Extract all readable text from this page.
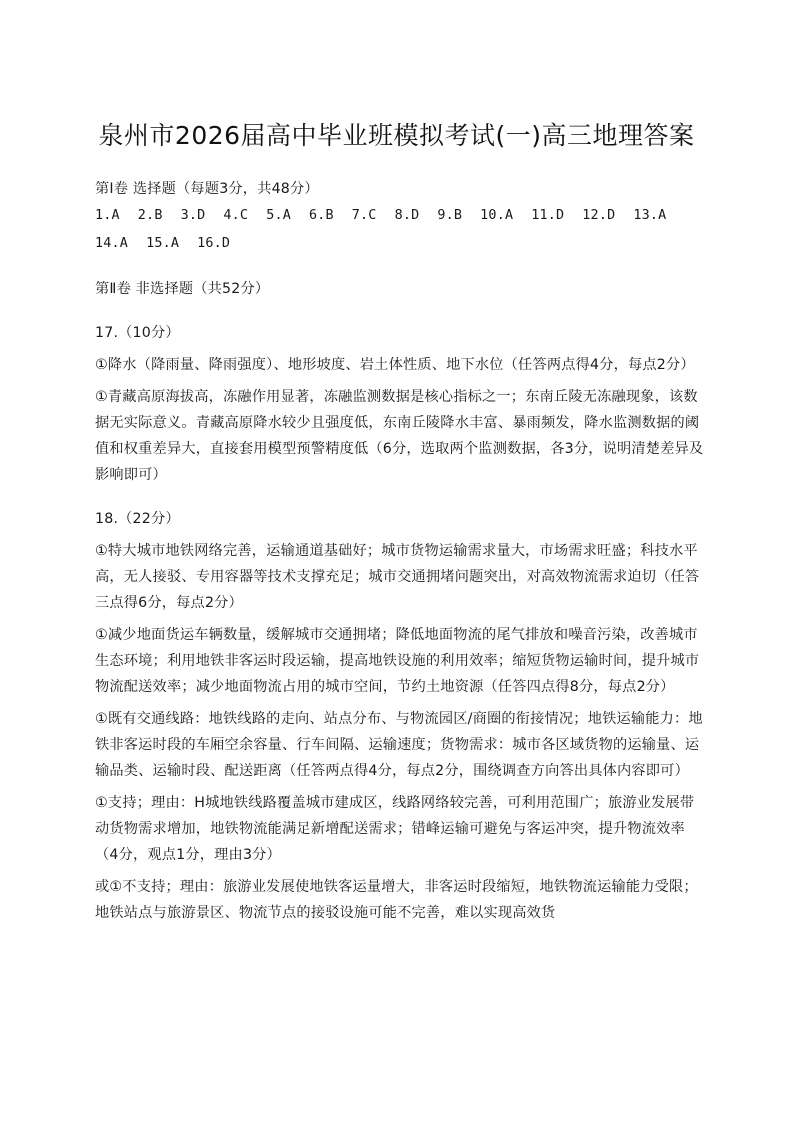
泉州市2026届高中毕业班模拟考试(一)高三地理答案

第Ⅰ卷 选择题（每题3分，共48分）

1.A 2.B 3.D 4.C 5.A 6.B 7.C 8.D 9.B 10.A 11.D 12.D 13.A
14.A 15.A 16.D

第Ⅱ卷 非选择题（共52分）

17.（10分）

①降水（降雨量、降雨强度）、地形坡度、岩土体性质、地下水位（任答两点得4分，每点2分）

①青藏高原海拔高，冻融作用显著，冻融监测数据是核心指标之一；东南丘陵无冻融现象，该数据无实际意义。青藏高原降水较少且强度低，东南丘陵降水丰富、暴雨频发，降水监测数据的阈值和权重差异大，直接套用模型预警精度低（6分，选取两个监测数据，各3分，说明清楚差异及影响即可）

18.（22分）

①特大城市地铁网络完善，运输通道基础好；城市货物运输需求量大，市场需求旺盛；科技水平高，无人接驳、专用容器等技术支撑充足；城市交通拥堵问题突出，对高效物流需求迫切（任答三点得6分，每点2分）

①减少地面货运车辆数量，缓解城市交通拥堵；降低地面物流的尾气排放和噪音污染，改善城市生态环境；利用地铁非客运时段运输，提高地铁设施的利用效率；缩短货物运输时间，提升城市物流配送效率；减少地面物流占用的城市空间，节约土地资源（任答四点得8分，每点2分）

①既有交通线路：地铁线路的走向、站点分布、与物流园区/商圈的衔接情况；地铁运输能力：地铁非客运时段的车厢空余容量、行车间隔、运输速度；货物需求：城市各区域货物的运输量、运输品类、运输时段、配送距离（任答两点得4分，每点2分，围绕调查方向答出具体内容即可）

①支持；理由：H城地铁线路覆盖城市建成区，线路网络较完善，可利用范围广；旅游业发展带动货物需求增加，地铁物流能满足新增配送需求；错峰运输可避免与客运冲突，提升物流效率（4分，观点1分，理由3分）

或①不支持；理由：旅游业发展使地铁客运量增大，非客运时段缩短，地铁物流运输能力受限；地铁站点与旅游景区、物流节点的接驳设施可能不完善，难以实现高效货
